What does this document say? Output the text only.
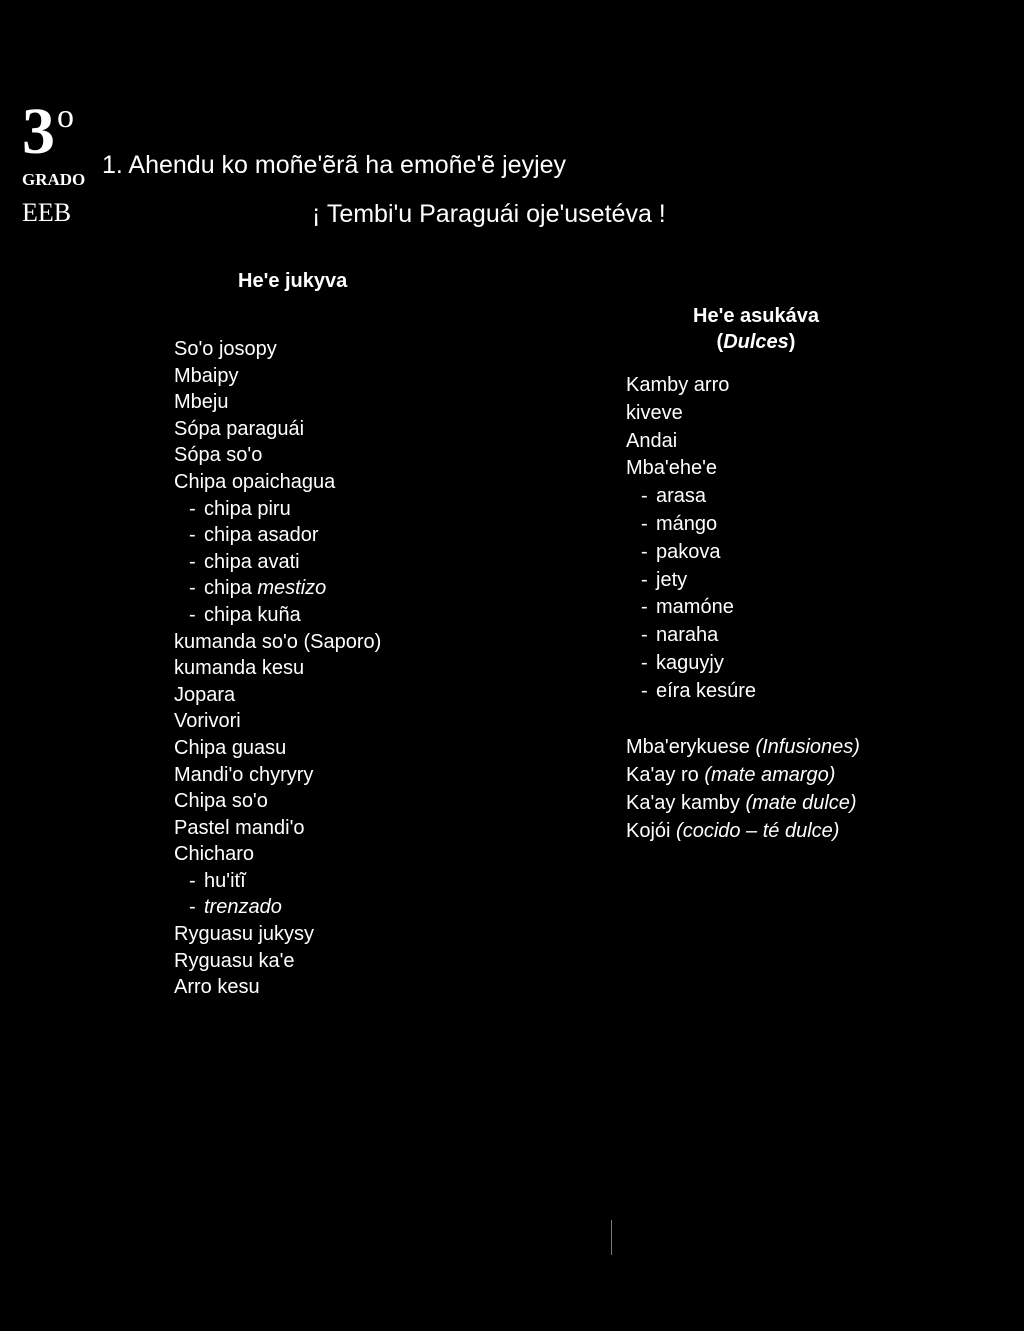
3$^o$
GRADO
EEB
1. Ahendu ko moñe'ẽrã ha emoñe'ẽ jeyjey
¡ Tembi'u Paraguái oje'usetéva !
He'e jukyva
So'o josopy
Mbaipy
Mbeju
Sópa paraguái
Sópa so'o
Chipa opaichagua
- chipa piru
- chipa asador
- chipa avati
- chipa mestizo
- chipa kuña
kumanda so'o (Saporo)
kumanda kesu
Jopara
Vorivori
Chipa guasu
Mandi'o chyryry
Chipa so'o
Pastel mandi'o
Chicharo
- hu'itĩ
- trenzado
Ryguasu jukysy
Ryguasu ka'e
Arro kesu
He'e asukáva
(Dulces)
Kamby arro
kiveve
Andai
Mba'ehe'e
- arasa
- mángo
- pakova
- jety
- mamóne
- naraha
- kaguyjy
- eíra kesúre
Mba'erykuese (Infusiones)
Ka'ay ro (mate amargo)
Ka'ay kamby (mate dulce)
Kojói (cocido – té dulce)
